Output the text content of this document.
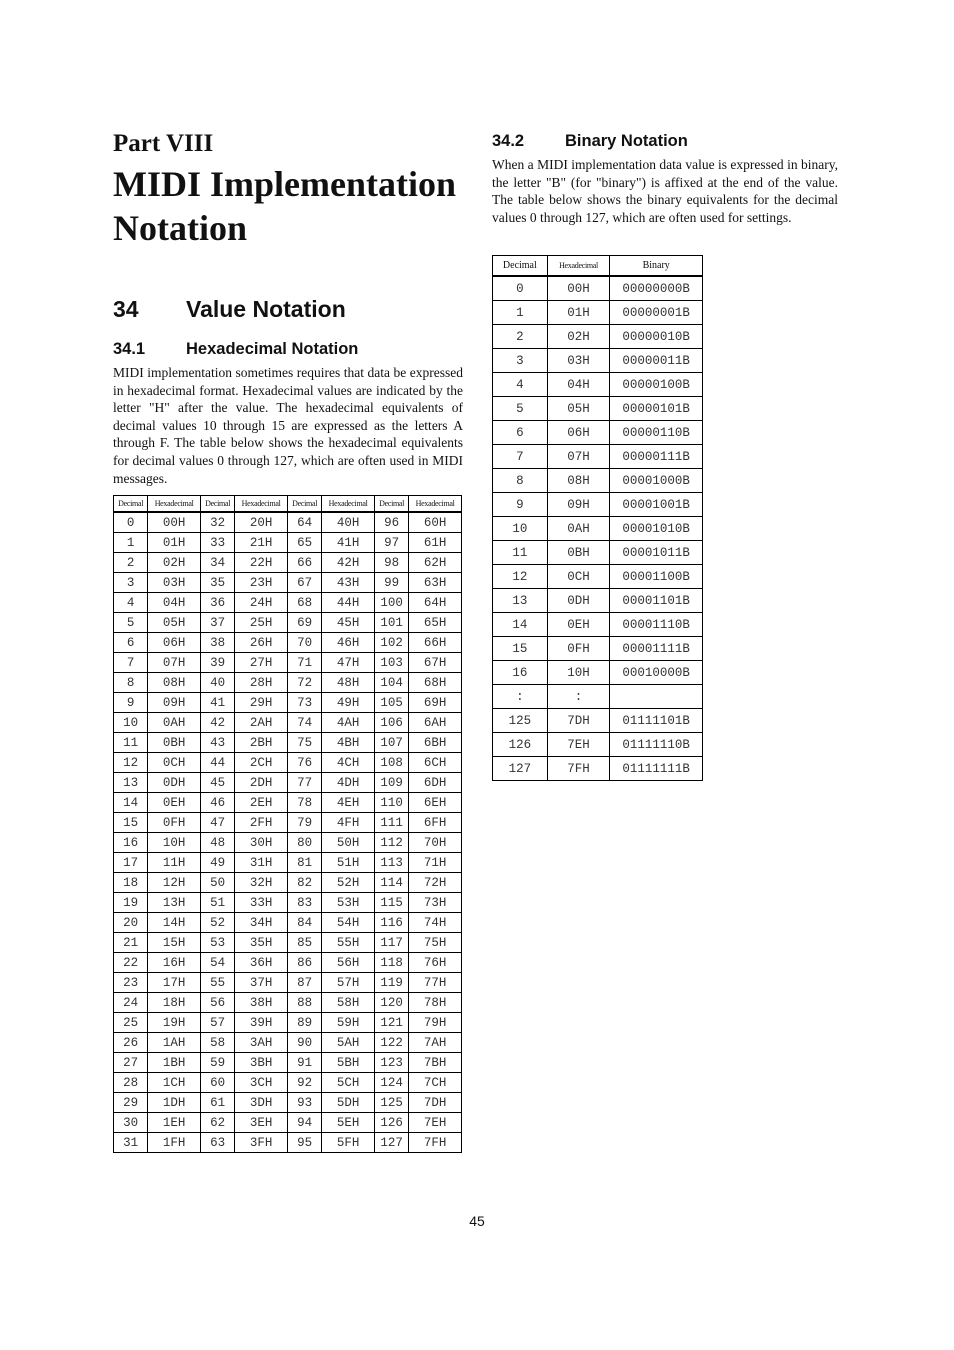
Part VIII
MIDI Implementation Notation
34	Value Notation
34.1	Hexadecimal Notation

MIDI implementation sometimes requires that data be expressed in hexadecimal format. Hexadecimal values are indicated by the letter "H" after the value. The hexadecimal equivalents of decimal values 10 through 15 are expressed as the letters A through F. The table below shows the hexadecimal equivalents for decimal values 0 through 127, which are often used in MIDI messages.

Decimal	Hexadecimal	Decimal	Hexadecimal	Decimal	Hexadecimal	Decimal	Hexadecimal
0	00H	32	20H	64	40H	96	60H
1	01H	33	21H	65	41H	97	61H
2	02H	34	22H	66	42H	98	62H
3	03H	35	23H	67	43H	99	63H
4	04H	36	24H	68	44H	100	64H
5	05H	37	25H	69	45H	101	65H
6	06H	38	26H	70	46H	102	66H
7	07H	39	27H	71	47H	103	67H
8	08H	40	28H	72	48H	104	68H
9	09H	41	29H	73	49H	105	69H
10	0AH	42	2AH	74	4AH	106	6AH
11	0BH	43	2BH	75	4BH	107	6BH
12	0CH	44	2CH	76	4CH	108	6CH
13	0DH	45	2DH	77	4DH	109	6DH
14	0EH	46	2EH	78	4EH	110	6EH
15	0FH	47	2FH	79	4FH	111	6FH
16	10H	48	30H	80	50H	112	70H
17	11H	49	31H	81	51H	113	71H
18	12H	50	32H	82	52H	114	72H
19	13H	51	33H	83	53H	115	73H
20	14H	52	34H	84	54H	116	74H
21	15H	53	35H	85	55H	117	75H
22	16H	54	36H	86	56H	118	76H
23	17H	55	37H	87	57H	119	77H
24	18H	56	38H	88	58H	120	78H
25	19H	57	39H	89	59H	121	79H
26	1AH	58	3AH	90	5AH	122	7AH
27	1BH	59	3BH	91	5BH	123	7BH
28	1CH	60	3CH	92	5CH	124	7CH
29	1DH	61	3DH	93	5DH	125	7DH
30	1EH	62	3EH	94	5EH	126	7EH
31	1FH	63	3FH	95	5FH	127	7FH
34.2	Binary Notation

When a MIDI implementation data value is expressed in binary, the letter "B" (for "binary") is affixed at the end of the value. The table below shows the binary equivalents for the decimal values 0 through 127, which are often used for settings.

Decimal	Hexadecimal	Binary
0	00H	00000000B
1	01H	00000001B
2	02H	00000010B
3	03H	00000011B
4	04H	00000100B
5	05H	00000101B
6	06H	00000110B
7	07H	00000111B
8	08H	00001000B
9	09H	00001001B
10	0AH	00001010B
11	0BH	00001011B
12	0CH	00001100B
13	0DH	00001101B
14	0EH	00001110B
15	0FH	00001111B
16	10H	00010000B
:	:	
125	7DH	01111101B
126	7EH	01111110B
127	7FH	01111111B
45
